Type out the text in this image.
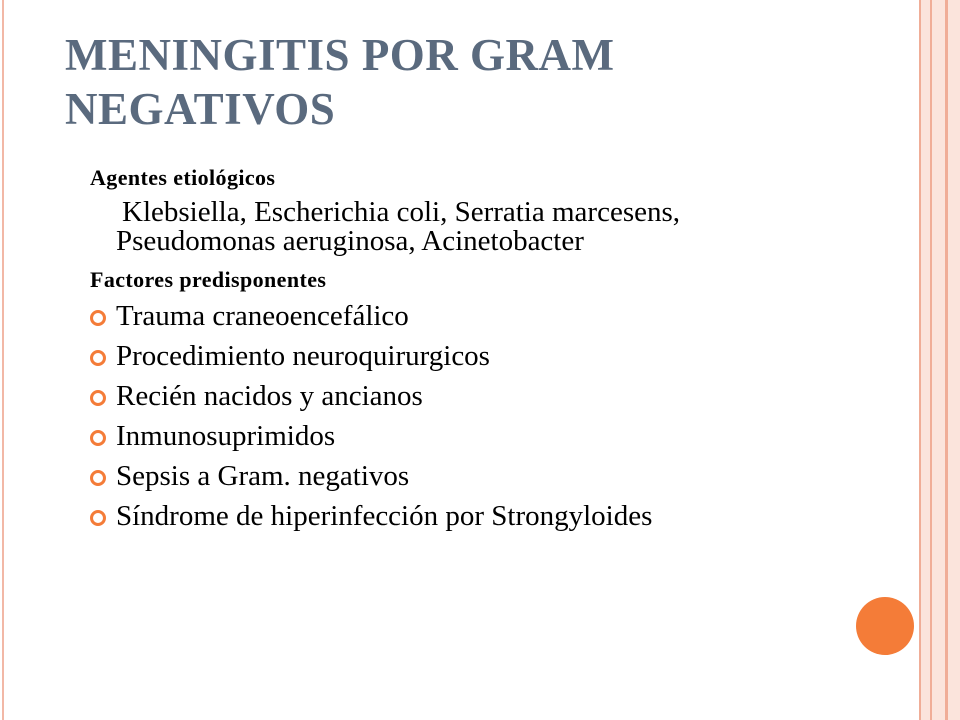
MENINGITIS POR GRAM NEGATIVOS

Agentes etiológicos

Klebsiella, Escherichia coli, Serratia marcesens, Pseudomonas aeruginosa, Acinetobacter

Factores predisponentes

Trauma craneoencefálico
Procedimiento neuroquirurgicos
Recién nacidos y ancianos
Inmunosuprimidos
Sepsis a Gram. negativos
Síndrome de hiperinfección por Strongyloides
